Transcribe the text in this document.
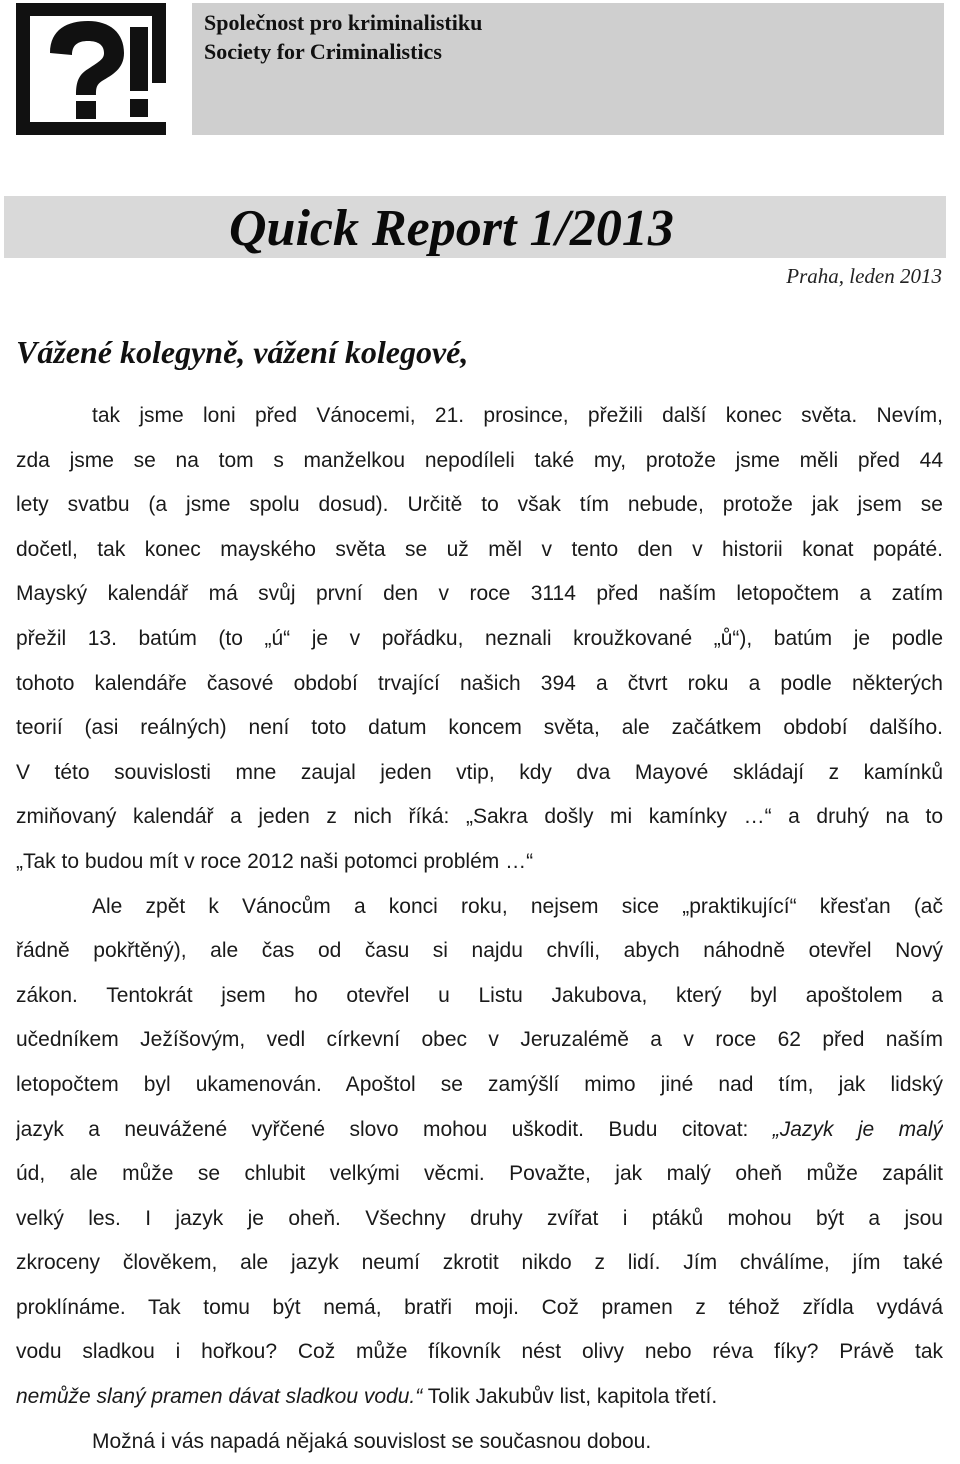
Společnost pro kriminalistiku
Society for Criminalistics
Quick Report 1/2013
Praha, leden 2013
Vážené kolegyně, vážení kolegové,
tak jsme loni před Vánocemi, 21. prosince, přežili další konec světa. Nevím,
zda jsme se na tom s manželkou nepodíleli také my, protože jsme měli před 44
lety svatbu (a jsme spolu dosud). Určitě to však tím nebude, protože jak jsem se
dočetl, tak konec mayského světa se už měl v tento den v historii konat popáté.
Mayský kalendář má svůj první den v roce 3114 před naším letopočtem a zatím
přežil 13. batúm (to „ú“ je v pořádku, neznali kroužkované „ů“), batúm je podle
tohoto kalendáře časové období trvající našich 394 a čtvrt roku a podle některých
teorií (asi reálných) není toto datum koncem světa, ale začátkem období dalšího.
V této souvislosti mne zaujal jeden vtip, kdy dva Mayové skládají z kamínků
zmiňovaný kalendář a jeden z nich říká: „Sakra došly mi kamínky …“ a druhý na to
„Tak to budou mít v roce 2012 naši potomci problém …“
Ale zpět k Vánocům a konci roku, nejsem sice „praktikující“ křesťan (ač
řádně pokřtěný), ale čas od času si najdu chvíli, abych náhodně otevřel Nový
zákon. Tentokrát jsem ho otevřel u Listu Jakubova, který byl apoštolem a
učedníkem Ježíšovým, vedl církevní obec v Jeruzalémě a v roce 62 před naším
letopočtem byl ukamenován. Apoštol se zamýšlí mimo jiné nad tím, jak lidský
jazyk a neuvážené vyřčené slovo mohou uškodit. Budu citovat: „Jazyk je malý
úd, ale může se chlubit velkými věcmi. Považte, jak malý oheň může zapálit
velký les. I jazyk je oheň. Všechny druhy zvířat i ptáků mohou být a jsou
zkroceny člověkem, ale jazyk neumí zkrotit nikdo z lidí. Jím chválíme, jím také
proklínáme. Tak tomu být nemá, bratři moji. Což pramen z téhož zřídla vydává
vodu sladkou i hořkou? Což může fíkovník nést olivy nebo réva fíky? Právě tak
nemůže slaný pramen dávat sladkou vodu.“ Tolik Jakubův list, kapitola třetí.
Možná i vás napadá nějaká souvislost se současnou dobou.
